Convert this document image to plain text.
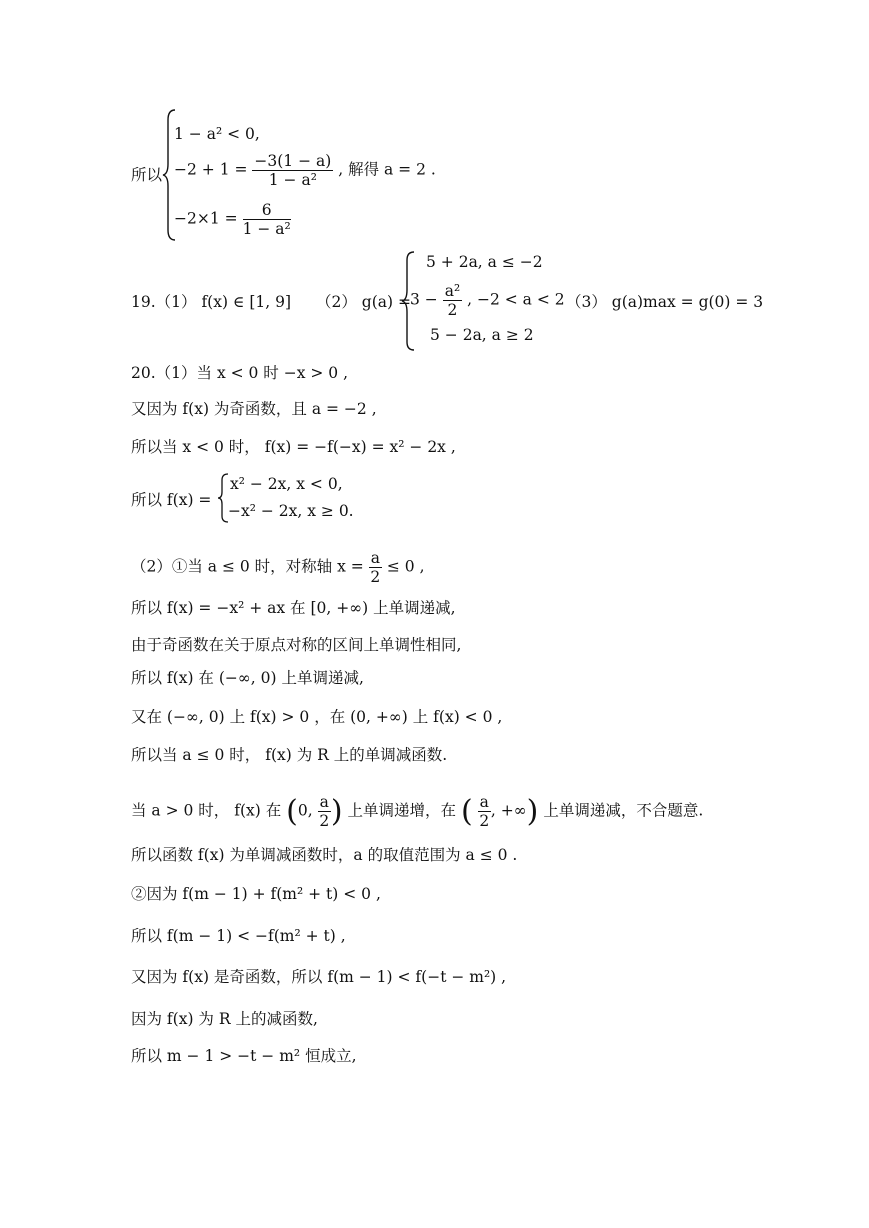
所以
1 − a² < 0,
$-2 + 1 = \frac{-3(1 - a)}{\text{1 − a²}}$ , 解得 a = 2 .
$-2\times 1 = \frac{6}{\text{1 − a²}}$
19.（1） f(x) ∈ [1, 9] （2） g(a) =
5 + 2a, a ≤ −2
$3 - \frac{\text{a²}}{2}$ , −2 < a < 2
5 − 2a, a ≥ 2
（3） g(a)max = g(0) = 3
20.（1）当 x < 0 时 −x > 0 ,
又因为 f(x) 为奇函数，且 a = −2 ,
所以当 x < 0 时， f(x) = −f(−x) = x² − 2x ,
所以 f(x) =
x² − 2x, x < 0,
−x² − 2x, x ≥ 0.
（2）①当 a ≤ 0 时，对称轴 $x = \frac{a}{2} \le 0$ ,
所以 f(x) = −x² + ax 在 [0, +∞) 上单调递减,
由于奇函数在关于原点对称的区间上单调性相同,
所以 f(x) 在 (−∞, 0) 上单调递减,
又在 (−∞, 0) 上 f(x) > 0 ，在 (0, +∞) 上 f(x) < 0 ,
所以当 a ≤ 0 时， f(x) 为 R 上的单调减函数.
当 a > 0 时， f(x) 在 (0, $\frac{a}{2}$ ) 上单调递增，在 ( $\frac{a}{2}$ , +∞) 上单调递减，不合题意.
所以函数 f(x) 为单调减函数时，a 的取值范围为 a ≤ 0 .
②因为 f(m − 1) + f(m² + t) < 0 ,
所以 f(m − 1) < −f(m² + t) ,
又因为 f(x) 是奇函数，所以 f(m − 1) < f(−t − m²) ,
因为 f(x) 为 R 上的减函数,
所以 m − 1 > −t − m² 恒成立,
